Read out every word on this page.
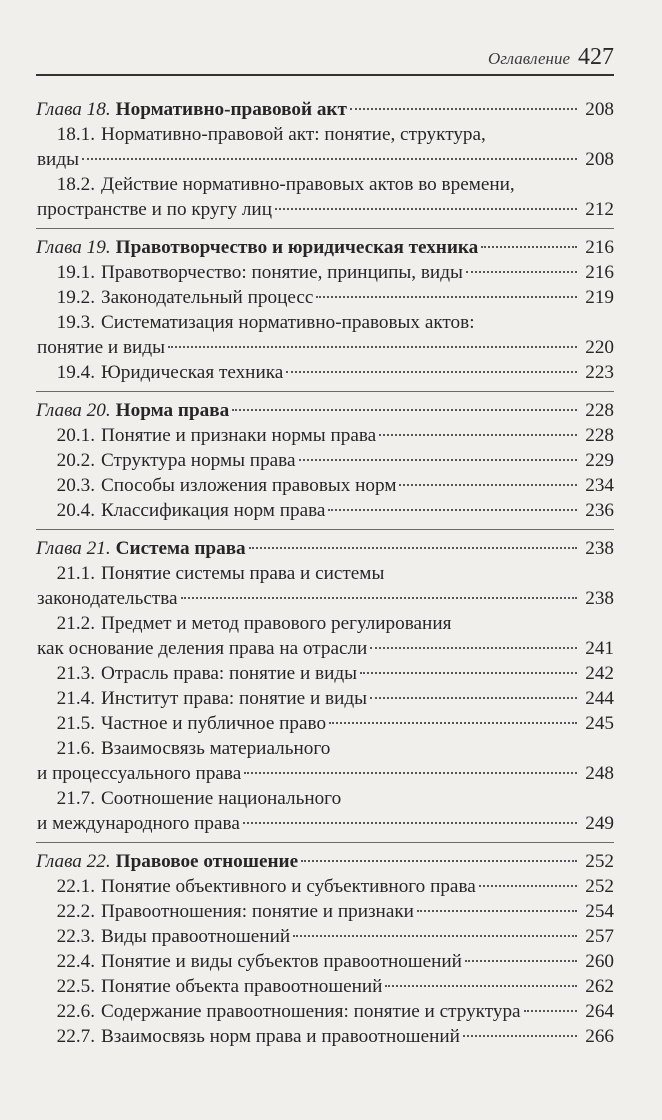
Оглавление 427
Глава 18. Нормативно-правовой акт	208
18.1. Нормативно-правовой акт: понятие, структура,
виды	208
18.2. Действие нормативно-правовых актов во времени,
пространстве и по кругу лиц	212
Глава 19. Правотворчество и юридическая техника	216
19.1. Правотворчество: понятие, принципы, виды	216
19.2. Законодательный процесс	219
19.3. Систематизация нормативно-правовых актов:
понятие и виды	220
19.4. Юридическая техника	223
Глава 20. Норма права	228
20.1. Понятие и признаки нормы права	228
20.2. Структура нормы права	229
20.3. Способы изложения правовых норм	234
20.4. Классификация норм права	236
Глава 21. Система права	238
21.1. Понятие системы права и системы
законодательства	238
21.2. Предмет и метод правового регулирования
как основание деления права на отрасли	241
21.3. Отрасль права: понятие и виды	242
21.4. Институт права: понятие и виды	244
21.5. Частное и публичное право	245
21.6. Взаимосвязь материального
и процессуального права	248
21.7. Соотношение национального
и международного права	249
Глава 22. Правовое отношение	252
22.1. Понятие объективного и субъективного права	252
22.2. Правоотношения: понятие и признаки	254
22.3. Виды правоотношений	257
22.4. Понятие и виды субъектов правоотношений	260
22.5. Понятие объекта правоотношений	262
22.6. Содержание правоотношения: понятие и структура	264
22.7. Взаимосвязь норм права и правоотношений	266
